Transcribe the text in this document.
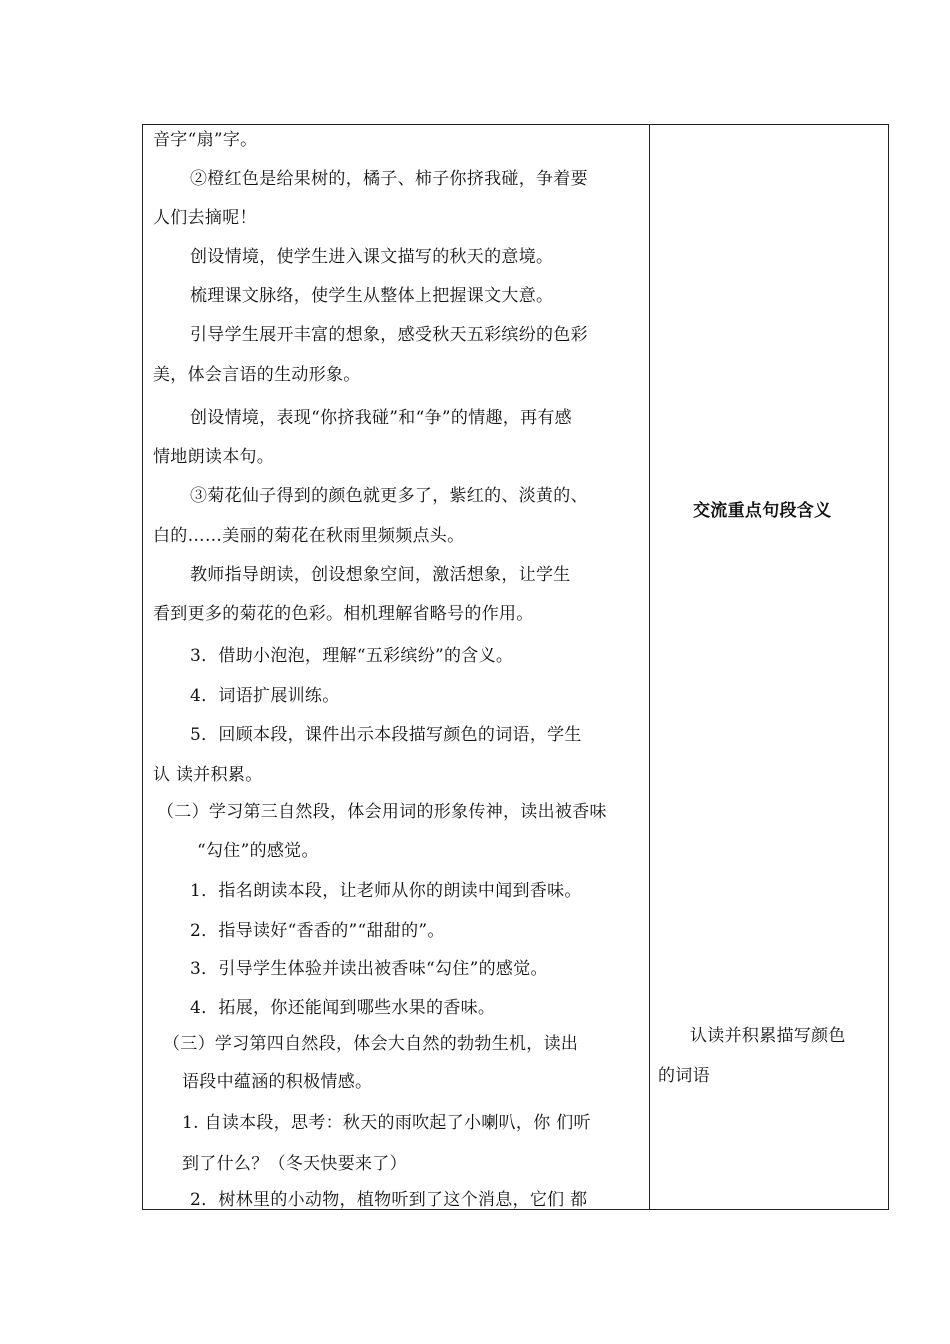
音字“扇”字。
②橙红色是给果树的，橘子、柿子你挤我碰，争着要
人们去摘呢！
创设情境，使学生进入课文描写的秋天的意境。
梳理课文脉络，使学生从整体上把握课文大意。
引导学生展开丰富的想象，感受秋天五彩缤纷的色彩
美，体会言语的生动形象。
创设情境，表现“你挤我碰”和“争”的情趣，再有感
情地朗读本句。
③菊花仙子得到的颜色就更多了，紫红的、淡黄的、
白的……美丽的菊花在秋雨里频频点头。
教师指导朗读，创设想象空间，激活想象，让学生
看到更多的菊花的色彩。相机理解省略号的作用。
3．借助小泡泡，理解“五彩缤纷”的含义。
4．词语扩展训练。
5．回顾本段，课件出示本段描写颜色的词语，学生
认 读并积累。
（二）学习第三自然段，体会用词的形象传神，读出被香味
“勾住”的感觉。
1．指名朗读本段，让老师从你的朗读中闻到香味。
2．指导读好“香香的”“甜甜的”。
3．引导学生体验并读出被香味“勾住”的感觉。
4．拓展，你还能闻到哪些水果的香味。
（三）学习第四自然段，体会大自然的勃勃生机，读出
语段中蕴涵的积极情感。
1. 自读本段，思考：秋天的雨吹起了小喇叭，你 们听
到了什么？（冬天快要来了）
2．树林里的小动物，植物听到了这个消息，它们 都
交流重点句段含义
认读并积累描写颜色
的词语
